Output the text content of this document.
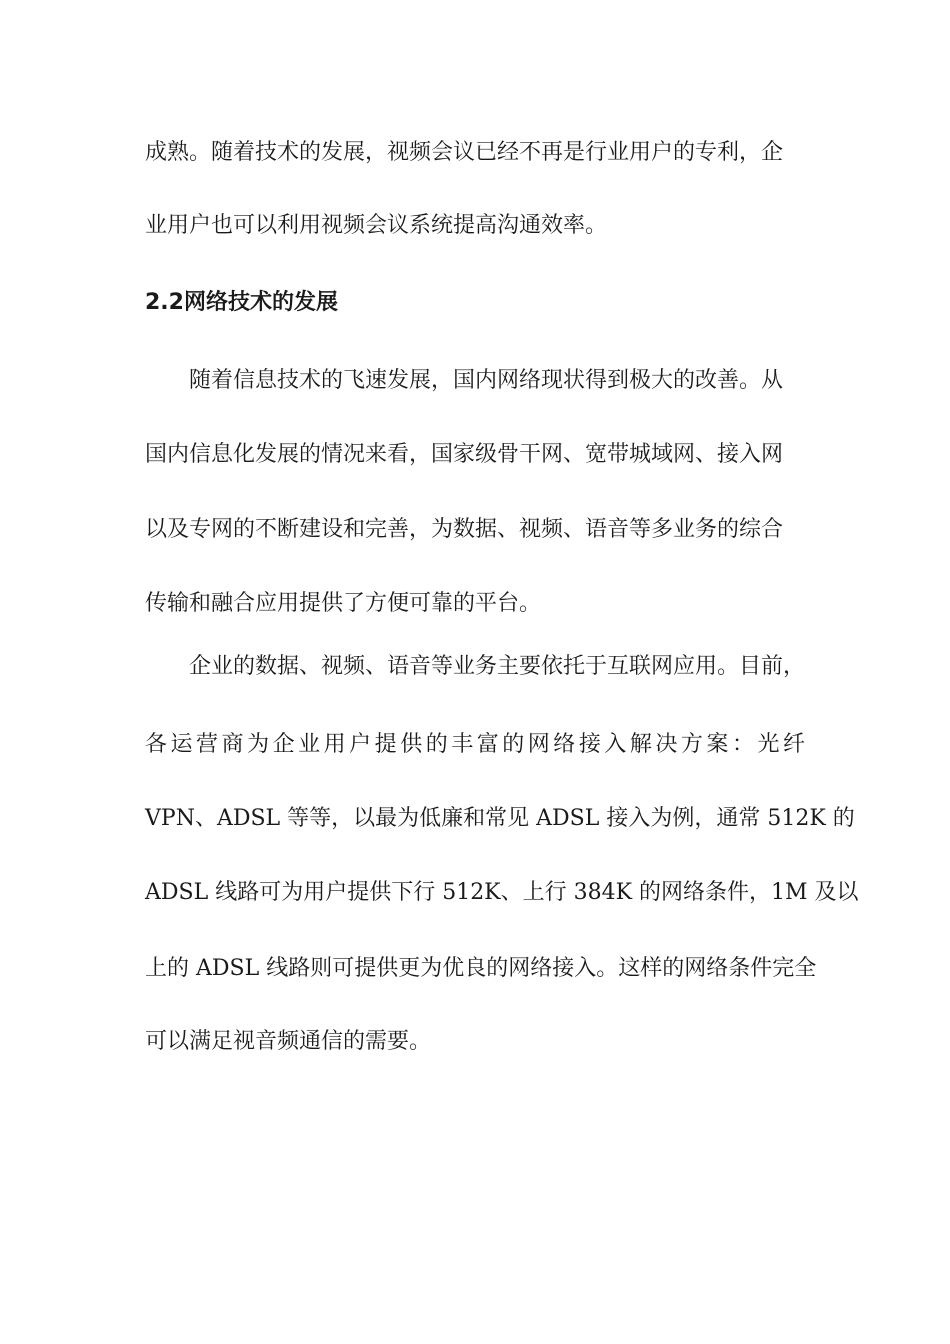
成熟。随着技术的发展，视频会议已经不再是行业用户的专利，企
业用户也可以利用视频会议系统提高沟通效率。
2.2网络技术的发展
随着信息技术的飞速发展，国内网络现状得到极大的改善。从
国内信息化发展的情况来看，国家级骨干网、宽带城域网、接入网
以及专网的不断建设和完善，为数据、视频、语音等多业务的综合
传输和融合应用提供了方便可靠的平台。
企业的数据、视频、语音等业务主要依托于互联网应用。目前，
各运营商为企业用户提供的丰富的网络接入解决方案：光纤
VPN、ADSL 等等，以最为低廉和常见 ADSL 接入为例，通常 512K 的
ADSL 线路可为用户提供下行 512K、上行 384K 的网络条件，1M 及以
上的 ADSL 线路则可提供更为优良的网络接入。这样的网络条件完全
可以满足视音频通信的需要。
